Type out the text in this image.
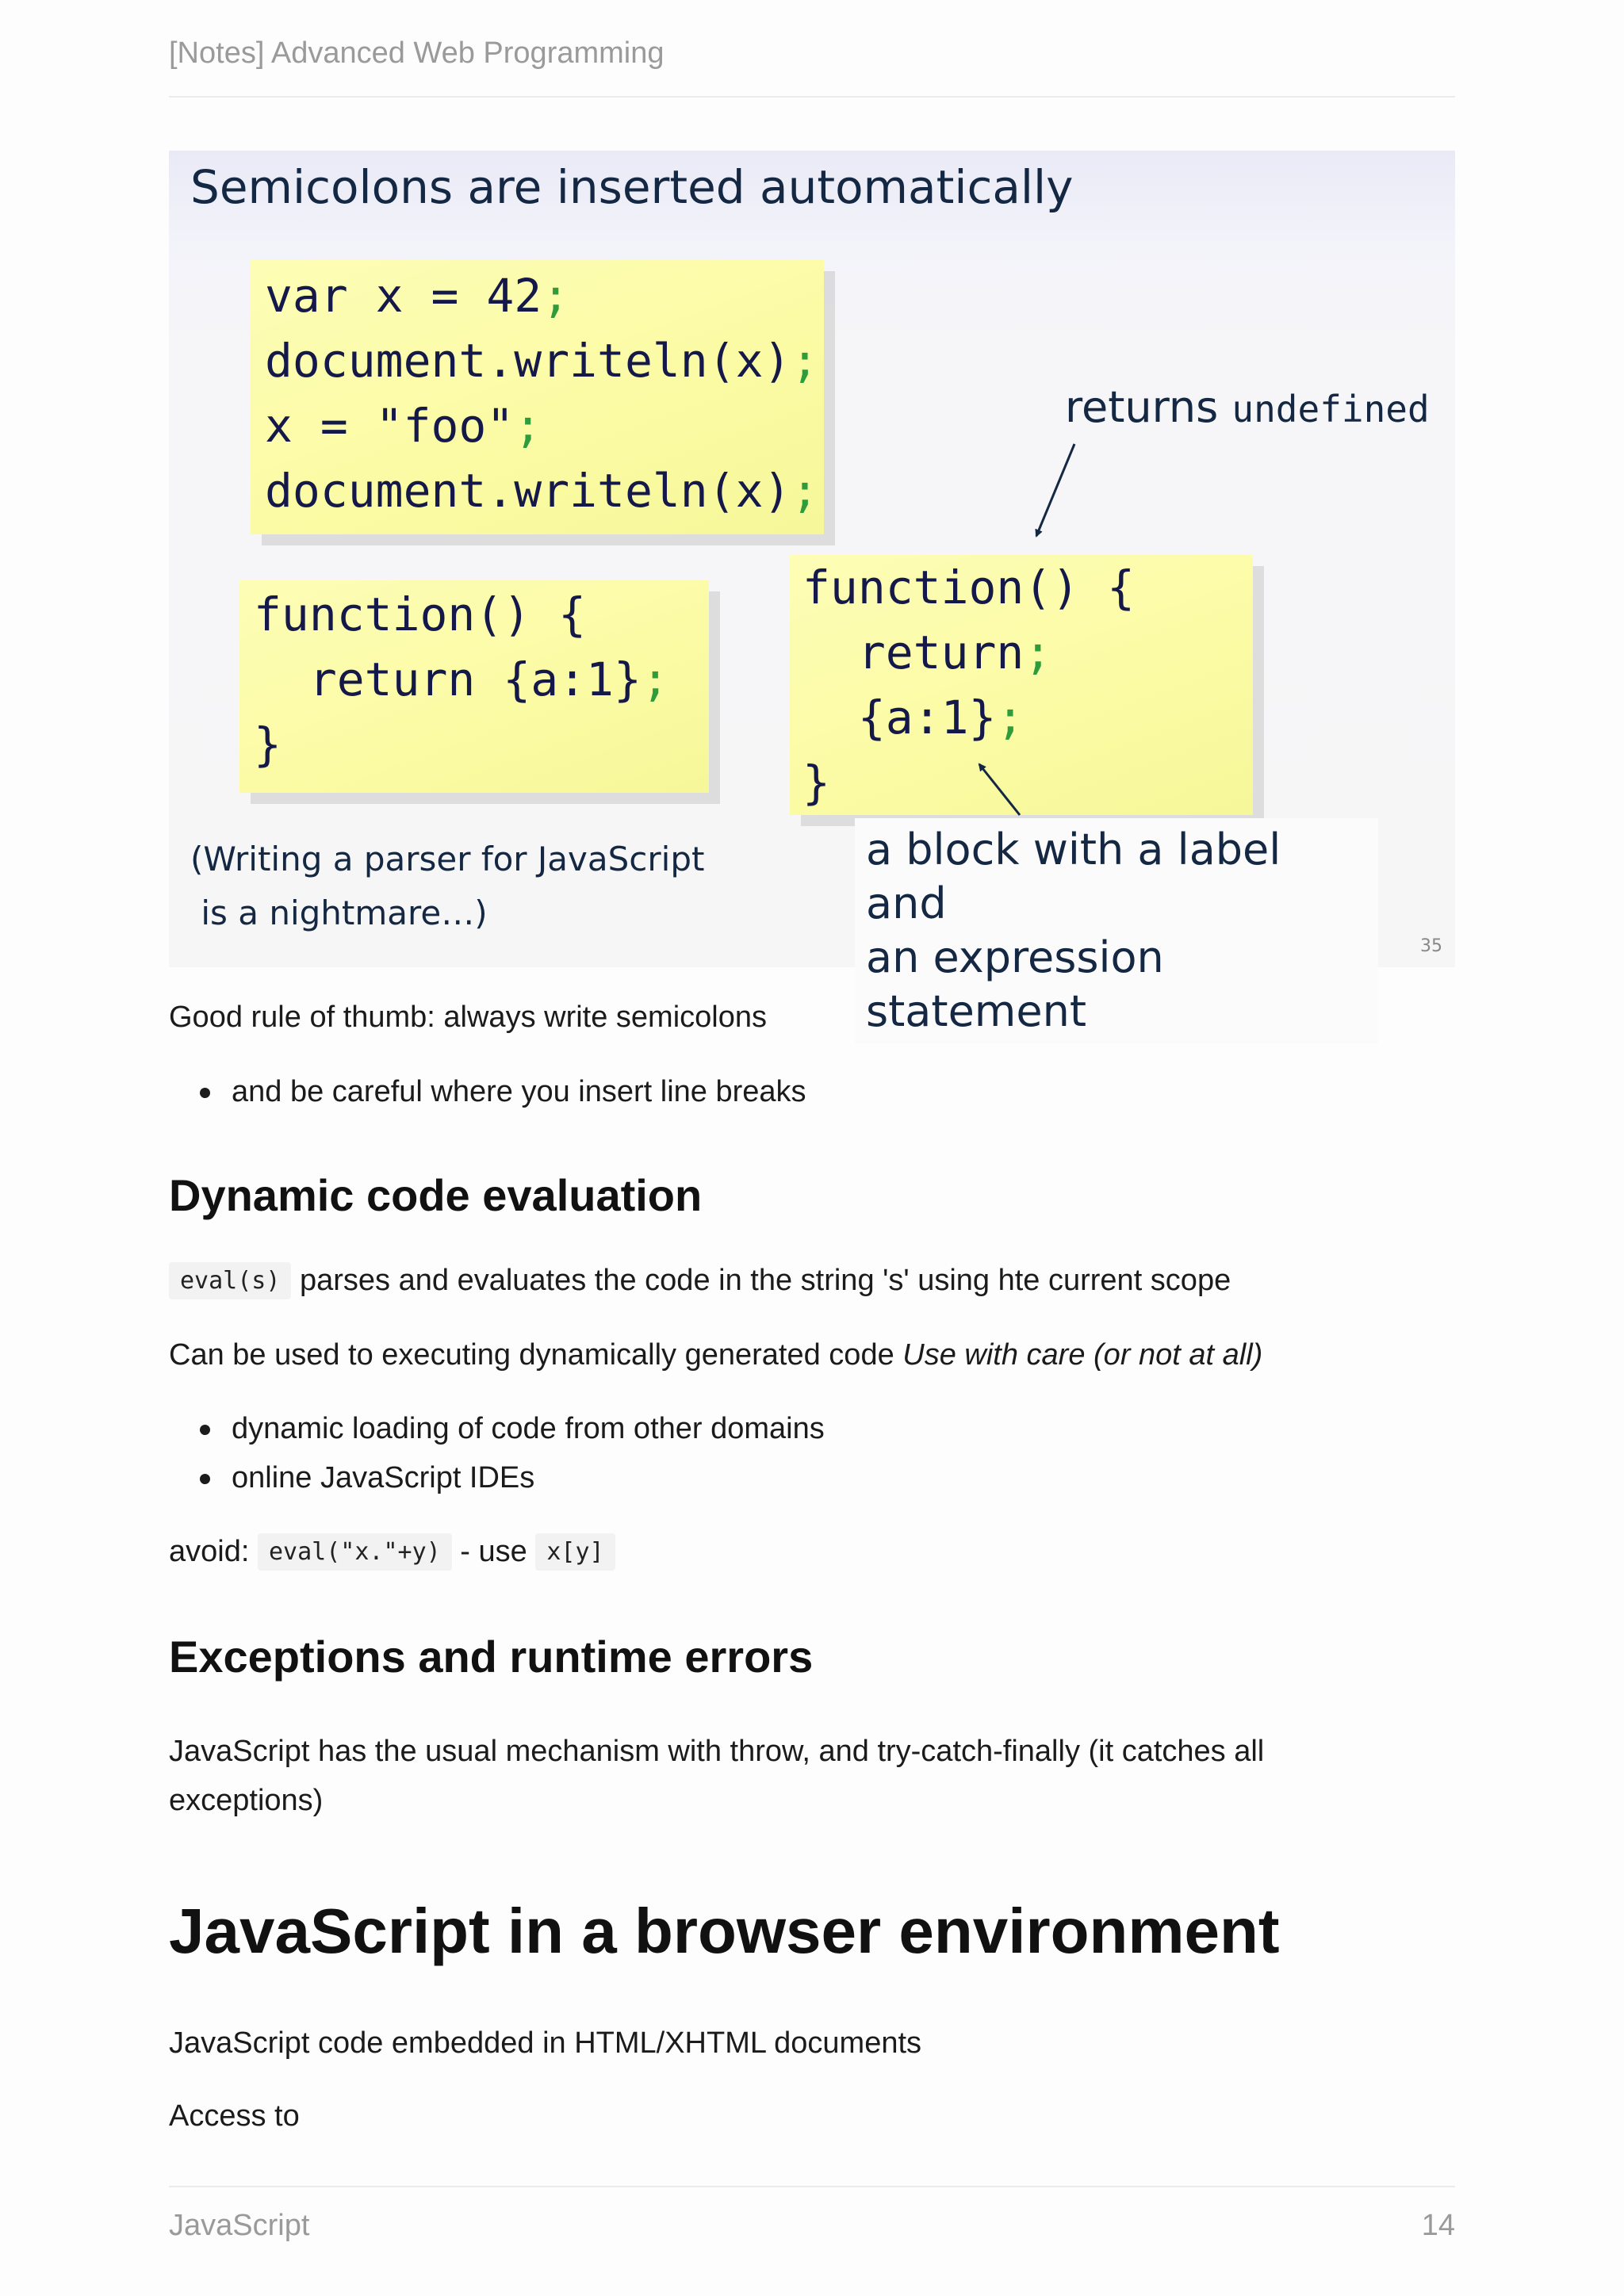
[Notes] Advanced Web Programming
Semicolons are inserted automatically
var x = 42;
document.writeln(x);
x = "foo";
document.writeln(x);
function() {
return {a:1};
}
function() {
return;
{a:1};
}
returns undefined
a block with a label and
an expression statement
(Writing a parser for JavaScript
is a nightmare…)
35
Good rule of thumb: always write semicolons
and be careful where you insert line breaks
Dynamic code evaluation
eval(s) parses and evaluates the code in the string 's' using hte current scope
Can be used to executing dynamically generated code Use with care (or not at all)
dynamic loading of code from other domains
online JavaScript IDEs
avoid: eval("x."+y) - use x[y]
Exceptions and runtime errors
JavaScript has the usual mechanism with throw, and try-catch-finally (it catches all
exceptions)
JavaScript in a browser environment
JavaScript code embedded in HTML/XHTML documents
Access to
JavaScript	14
